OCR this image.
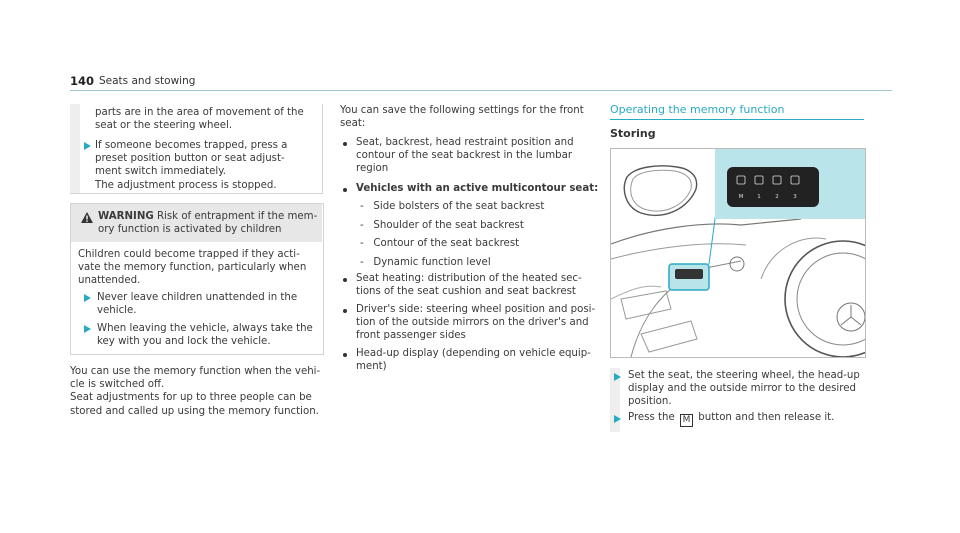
140 Seats and stowing
parts are in the area of movement of the
seat or the steering wheel.
If someone becomes trapped, press a
preset position button or seat adjust-
ment switch immediately.
The adjustment process is stopped.
WARNING Risk of entrapment if the mem-
ory function is activated by children
Children could become trapped if they acti-
vate the memory function, particularly when
unattended.
Never leave children unattended in the
vehicle.
When leaving the vehicle, always take the
key with you and lock the vehicle.
You can use the memory function when the vehi-
cle is switched off.
Seat adjustments for up to three people can be
stored and called up using the memory function.
You can save the following settings for the front
seat:
Seat, backrest, head restraint position and
contour of the seat backrest in the lumbar
region
Vehicles with an active multicontour seat:
-   Side bolsters of the seat backrest
-   Shoulder of the seat backrest
-   Contour of the seat backrest
-   Dynamic function level
Seat heating: distribution of the heated sec-
tions of the seat cushion and seat backrest
Driver's side: steering wheel position and posi-
tion of the outside mirrors on the driver's and
front passenger sides
Head-up display (depending on vehicle equip-
ment)
Operating the memory function
Storing
M	1	2	3
Set the seat, the steering wheel, the head-up
display and the outside mirror to the desired
position.
Press the M button and then release it.
